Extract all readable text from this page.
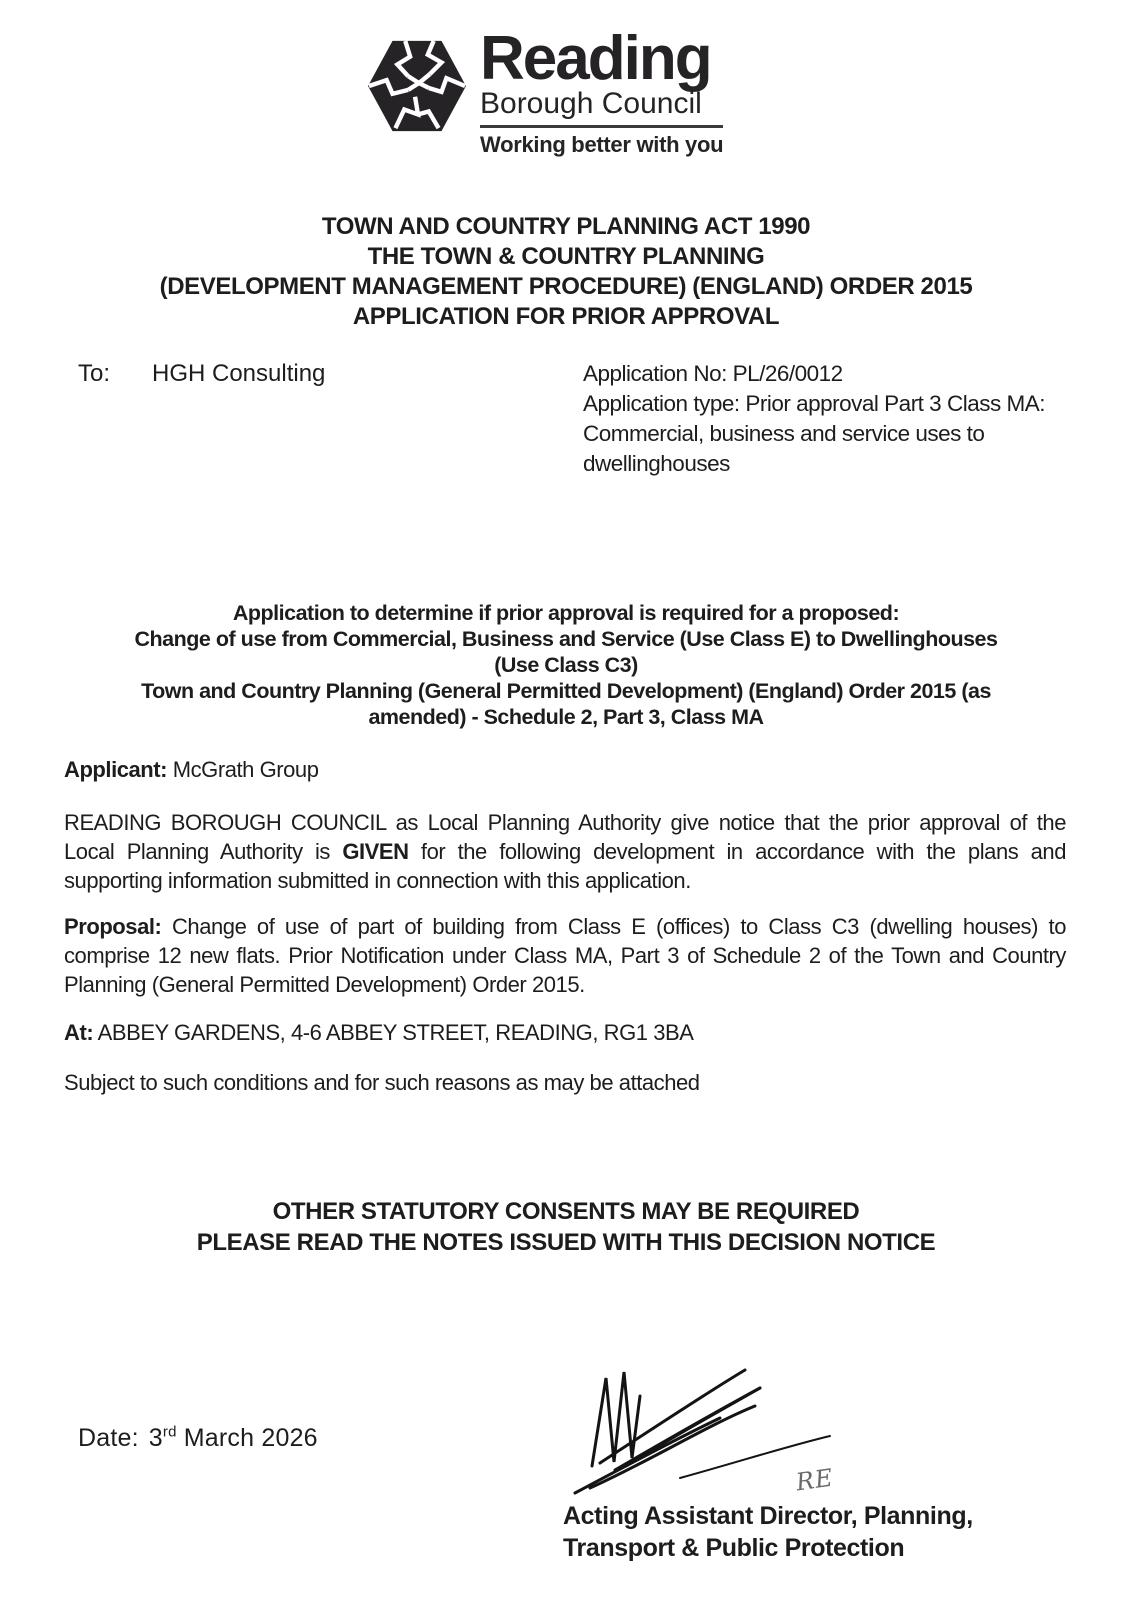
Reading
Borough Council
Working better with you
TOWN AND COUNTRY PLANNING ACT 1990
THE TOWN & COUNTRY PLANNING
(DEVELOPMENT MANAGEMENT PROCEDURE) (ENGLAND) ORDER 2015
APPLICATION FOR PRIOR APPROVAL
To: HGH Consulting	Application No: PL/26/0012
Application type: Prior approval Part 3 Class MA: Commercial, business and service uses to dwellinghouses
Application to determine if prior approval is required for a proposed:
Change of use from Commercial, Business and Service (Use Class E) to Dwellinghouses
(Use Class C3)
Town and Country Planning (General Permitted Development) (England) Order 2015 (as
amended) - Schedule 2, Part 3, Class MA
Applicant: McGrath Group
READING BOROUGH COUNCIL as Local Planning Authority give notice that the prior approval of the Local Planning Authority is GIVEN for the following development in accordance with the plans and supporting information submitted in connection with this application.
Proposal: Change of use of part of building from Class E (offices) to Class C3 (dwelling houses) to comprise 12 new flats. Prior Notification under Class MA, Part 3 of Schedule 2 of the Town and Country Planning (General Permitted Development) Order 2015.
At: ABBEY GARDENS, 4-6 ABBEY STREET, READING, RG1 3BA
Subject to such conditions and for such reasons as may be attached
OTHER STATUTORY CONSENTS MAY BE REQUIRED
PLEASE READ THE NOTES ISSUED WITH THIS DECISION NOTICE
Date: 3rd March 2026
RE
Acting Assistant Director, Planning,
Transport & Public Protection
